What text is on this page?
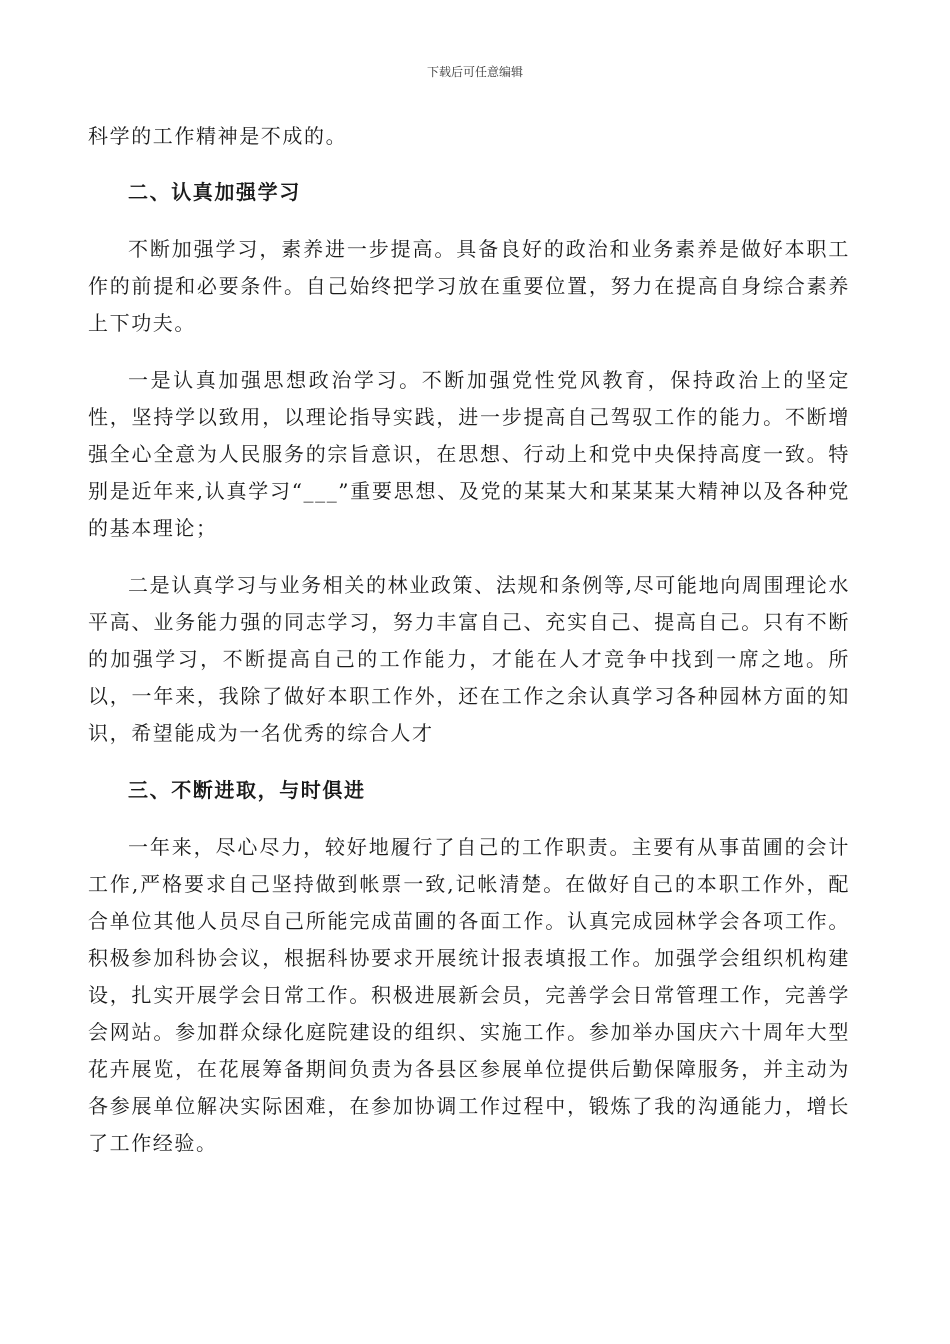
下载后可任意编辑

科学的工作精神是不成的。

二、认真加强学习

不断加强学习，素养进一步提高。具备良好的政治和业务素养是做好本职工作的前提和必要条件。自己始终把学习放在重要位置，努力在提高自身综合素养上下功夫。

一是认真加强思想政治学习。不断加强党性党风教育，保持政治上的坚定性，坚持学以致用，以理论指导实践，进一步提高自己驾驭工作的能力。不断增强全心全意为人民服务的宗旨意识，在思想、行动上和党中央保持高度一致。特别是近年来,认真学习“___”重要思想、及党的某某大和某某某大精神以及各种党的基本理论；

二是认真学习与业务相关的林业政策、法规和条例等,尽可能地向周围理论水平高、业务能力强的同志学习，努力丰富自己、充实自己、提高自己。只有不断的加强学习，不断提高自己的工作能力，才能在人才竞争中找到一席之地。所以，一年来，我除了做好本职工作外，还在工作之余认真学习各种园林方面的知识，希望能成为一名优秀的综合人才

三、不断进取，与时俱进

一年来，尽心尽力，较好地履行了自己的工作职责。主要有从事苗圃的会计工作,严格要求自己坚持做到帐票一致,记帐清楚。在做好自己的本职工作外，配合单位其他人员尽自己所能完成苗圃的各面工作。认真完成园林学会各项工作。积极参加科协会议，根据科协要求开展统计报表填报工作。加强学会组织机构建设，扎实开展学会日常工作。积极进展新会员，完善学会日常管理工作，完善学会网站。参加群众绿化庭院建设的组织、实施工作。参加举办国庆六十周年大型花卉展览，在花展筹备期间负责为各县区参展单位提供后勤保障服务，并主动为各参展单位解决实际困难，在参加协调工作过程中，锻炼了我的沟通能力，增长了工作经验。
